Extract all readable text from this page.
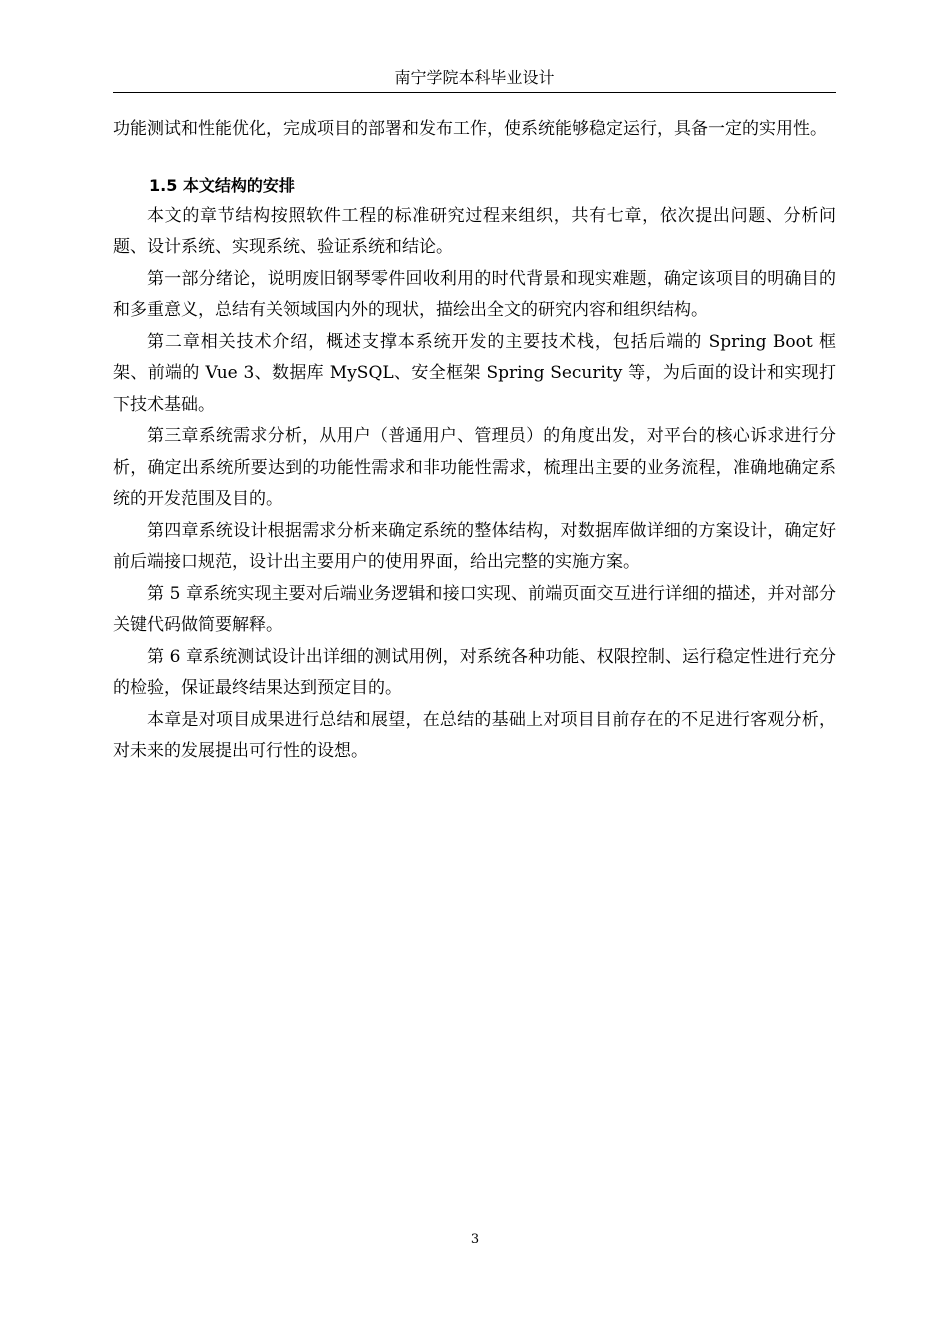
南宁学院本科毕业设计

功能测试和性能优化，完成项目的部署和发布工作，使系统能够稳定运行，具备一定的实用性。

1.5 本文结构的安排

本文的章节结构按照软件工程的标准研究过程来组织，共有七章，依次提出问题、分析问题、设计系统、实现系统、验证系统和结论。

第一部分绪论，说明废旧钢琴零件回收利用的时代背景和现实难题，确定该项目的明确目的和多重意义，总结有关领域国内外的现状，描绘出全文的研究内容和组织结构。

第二章相关技术介绍，概述支撑本系统开发的主要技术栈，包括后端的 Spring Boot 框架、前端的 Vue 3、数据库 MySQL、安全框架 Spring Security 等，为后面的设计和实现打下技术基础。

第三章系统需求分析，从用户（普通用户、管理员）的角度出发，对平台的核心诉求进行分析，确定出系统所要达到的功能性需求和非功能性需求，梳理出主要的业务流程，准确地确定系统的开发范围及目的。

第四章系统设计根据需求分析来确定系统的整体结构，对数据库做详细的方案设计，确定好前后端接口规范，设计出主要用户的使用界面，给出完整的实施方案。

第 5 章系统实现主要对后端业务逻辑和接口实现、前端页面交互进行详细的描述，并对部分关键代码做简要解释。

第 6 章系统测试设计出详细的测试用例，对系统各种功能、权限控制、运行稳定性进行充分的检验，保证最终结果达到预定目的。

本章是对项目成果进行总结和展望，在总结的基础上对项目目前存在的不足进行客观分析，对未来的发展提出可行性的设想。

3
